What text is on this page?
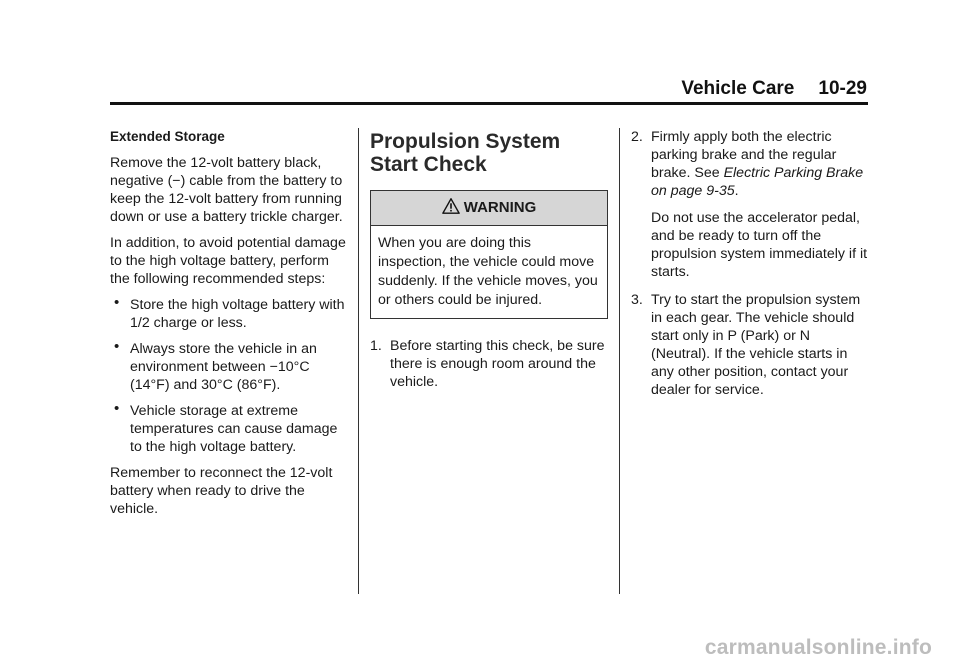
Vehicle Care 10-29
Extended Storage

Remove the 12-volt battery black, negative (−) cable from the battery to keep the 12-volt battery from running down or use a battery trickle charger.

In addition, to avoid potential damage to the high voltage battery, perform the following recommended steps:

• Store the high voltage battery with 1/2 charge or less.
• Always store the vehicle in an environment between −10°C (14°F) and 30°C (86°F).
• Vehicle storage at extreme temperatures can cause damage to the high voltage battery.

Remember to reconnect the 12-volt battery when ready to drive the vehicle.

Propulsion System Start Check
WARNING
When you are doing this inspection, the vehicle could move suddenly. If the vehicle moves, you or others could be injured.
1. Before starting this check, be sure there is enough room around the vehicle.
2. Firmly apply both the electric parking brake and the regular brake. See Electric Parking Brake on page 9-35.

Do not use the accelerator pedal, and be ready to turn off the propulsion system immediately if it starts.

3. Try to start the propulsion system in each gear. The vehicle should start only in P (Park) or N (Neutral). If the vehicle starts in any other position, contact your dealer for service.

carmanualsonline.info
